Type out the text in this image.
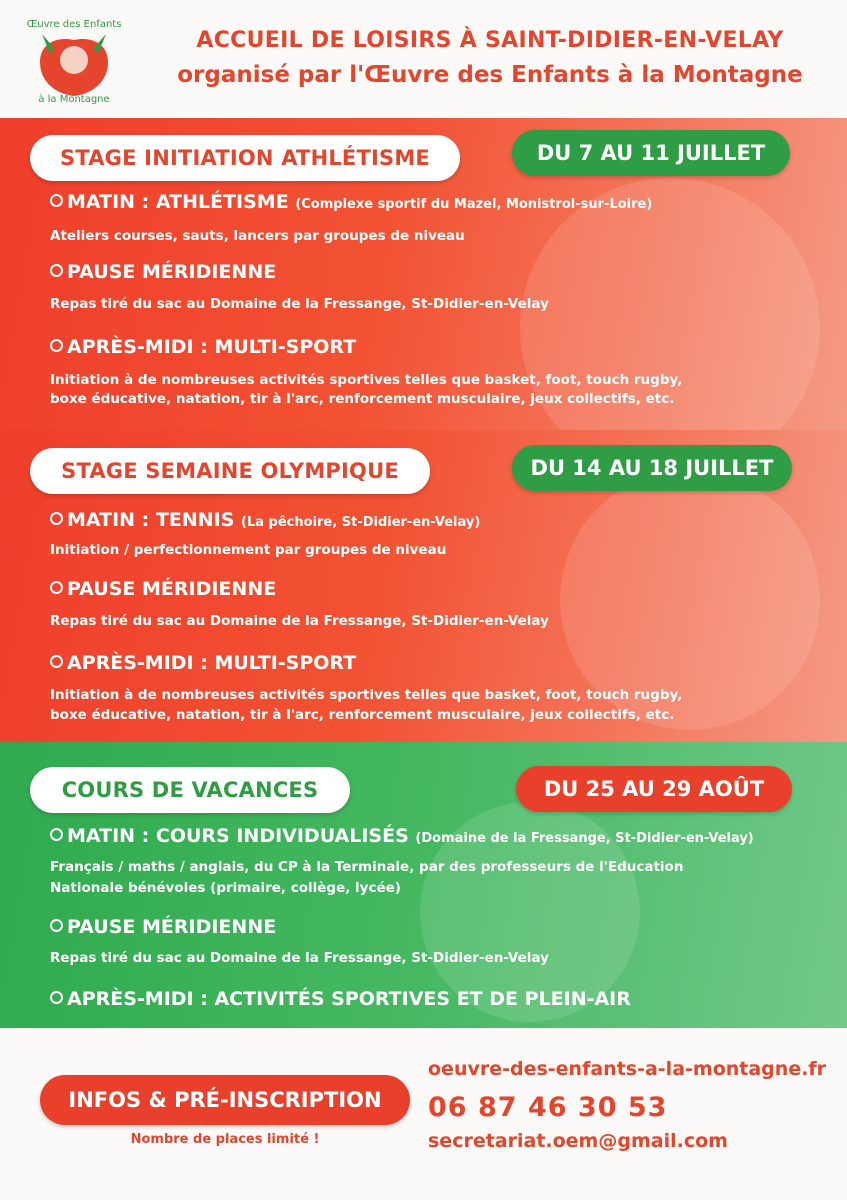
Œuvre des Enfants
à la Montagne
ACCUEIL DE LOISIRS À SAINT-DIDIER-EN-VELAY
organisé par l'Œuvre des Enfants à la Montagne
STAGE INITIATION ATHLÉTISME	DU 7 AU 11 JUILLET
MATIN : ATHLÉTISME (Complexe sportif du Mazel, Monistrol-sur-Loire)
Ateliers courses, sauts, lancers par groupes de niveau
PAUSE MÉRIDIENNE
Repas tiré du sac au Domaine de la Fressange, St-Didier-en-Velay
APRÈS-MIDI : MULTI-SPORT
Initiation à de nombreuses activités sportives telles que basket, foot, touch rugby,
boxe éducative, natation, tir à l'arc, renforcement musculaire, jeux collectifs, etc.
STAGE SEMAINE OLYMPIQUE	DU 14 AU 18 JUILLET
MATIN : TENNIS (La pêchoire, St-Didier-en-Velay)
Initiation / perfectionnement par groupes de niveau
PAUSE MÉRIDIENNE
Repas tiré du sac au Domaine de la Fressange, St-Didier-en-Velay
APRÈS-MIDI : MULTI-SPORT
Initiation à de nombreuses activités sportives telles que basket, foot, touch rugby,
boxe éducative, natation, tir à l'arc, renforcement musculaire, jeux collectifs, etc.
COURS DE VACANCES	DU 25 AU 29 AOÛT
MATIN : COURS INDIVIDUALISÉS (Domaine de la Fressange, St-Didier-en-Velay)
Français / maths / anglais, du CP à la Terminale, par des professeurs de l'Education
Nationale bénévoles (primaire, collège, lycée)
PAUSE MÉRIDIENNE
Repas tiré du sac au Domaine de la Fressange, St-Didier-en-Velay
APRÈS-MIDI : ACTIVITÉS SPORTIVES ET DE PLEIN-AIR
INFOS & PRÉ-INSCRIPTION
Nombre de places limité !
oeuvre-des-enfants-a-la-montagne.fr
06 87 46 30 53
secretariat.oem@gmail.com
